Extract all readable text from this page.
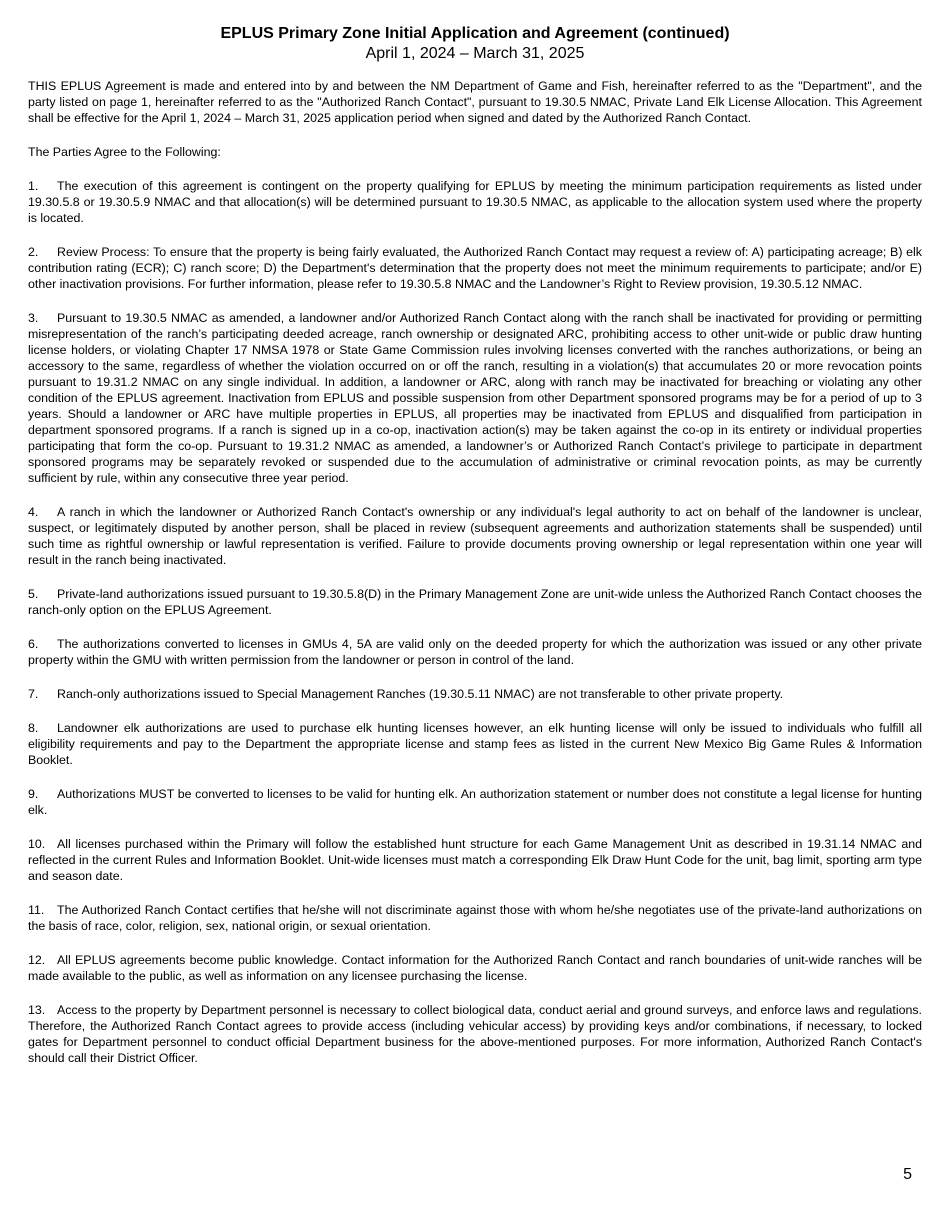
EPLUS Primary Zone Initial Application and Agreement (continued)
April 1, 2024 – March 31, 2025

THIS EPLUS Agreement is made and entered into by and between the NM Department of Game and Fish, hereinafter referred to as the "Department", and the party listed on page 1, hereinafter referred to as the "Authorized Ranch Contact", pursuant to 19.30.5 NMAC, Private Land Elk License Allocation. This Agreement shall be effective for the April 1, 2024 – March 31, 2025 application period when signed and dated by the Authorized Ranch Contact.

The Parties Agree to the Following:

1. The execution of this agreement is contingent on the property qualifying for EPLUS by meeting the minimum participation requirements as listed under 19.30.5.8 or 19.30.5.9 NMAC and that allocation(s) will be determined pursuant to 19.30.5 NMAC, as applicable to the allocation system used where the property is located.

2. Review Process: To ensure that the property is being fairly evaluated, the Authorized Ranch Contact may request a review of: A) participating acreage; B) elk contribution rating (ECR); C) ranch score; D) the Department's determination that the property does not meet the minimum requirements to participate; and/or E) other inactivation provisions. For further information, please refer to 19.30.5.8 NMAC and the Landowner’s Right to Review provision, 19.30.5.12 NMAC.

3. Pursuant to 19.30.5 NMAC as amended, a landowner and/or Authorized Ranch Contact along with the ranch shall be inactivated for providing or permitting misrepresentation of the ranch’s participating deeded acreage, ranch ownership or designated ARC, prohibiting access to other unit-wide or public draw hunting license holders, or violating Chapter 17 NMSA 1978 or State Game Commission rules involving licenses converted with the ranches authorizations, or being an accessory to the same, regardless of whether the violation occurred on or off the ranch, resulting in a violation(s) that accumulates 20 or more revocation points pursuant to 19.31.2 NMAC on any single individual. In addition, a landowner or ARC, along with ranch may be inactivated for breaching or violating any other condition of the EPLUS agreement. Inactivation from EPLUS and possible suspension from other Department sponsored programs may be for a period of up to 3 years. Should a landowner or ARC have multiple properties in EPLUS, all properties may be inactivated from EPLUS and disqualified from participation in department sponsored programs. If a ranch is signed up in a co-op, inactivation action(s) may be taken against the co-op in its entirety or individual properties participating that form the co-op. Pursuant to 19.31.2 NMAC as amended, a landowner’s or Authorized Ranch Contact’s privilege to participate in department sponsored programs may be separately revoked or suspended due to the accumulation of administrative or criminal revocation points, as may be currently sufficient by rule, within any consecutive three year period.

4. A ranch in which the landowner or Authorized Ranch Contact's ownership or any individual's legal authority to act on behalf of the landowner is unclear, suspect, or legitimately disputed by another person, shall be placed in review (subsequent agreements and authorization statements shall be suspended) until such time as rightful ownership or lawful representation is verified. Failure to provide documents proving ownership or legal representation within one year will result in the ranch being inactivated.

5. Private-land authorizations issued pursuant to 19.30.5.8(D) in the Primary Management Zone are unit-wide unless the Authorized Ranch Contact chooses the ranch-only option on the EPLUS Agreement.

6. The authorizations converted to licenses in GMUs 4, 5A are valid only on the deeded property for which the authorization was issued or any other private property within the GMU with written permission from the landowner or person in control of the land.

7. Ranch-only authorizations issued to Special Management Ranches (19.30.5.11 NMAC) are not transferable to other private property.

8. Landowner elk authorizations are used to purchase elk hunting licenses however, an elk hunting license will only be issued to individuals who fulfill all eligibility requirements and pay to the Department the appropriate license and stamp fees as listed in the current New Mexico Big Game Rules & Information Booklet.

9. Authorizations MUST be converted to licenses to be valid for hunting elk. An authorization statement or number does not constitute a legal license for hunting elk.

10. All licenses purchased within the Primary will follow the established hunt structure for each Game Management Unit as described in 19.31.14 NMAC and reflected in the current Rules and Information Booklet. Unit-wide licenses must match a corresponding Elk Draw Hunt Code for the unit, bag limit, sporting arm type and season date.

11. The Authorized Ranch Contact certifies that he/she will not discriminate against those with whom he/she negotiates use of the private-land authorizations on the basis of race, color, religion, sex, national origin, or sexual orientation.

12. All EPLUS agreements become public knowledge. Contact information for the Authorized Ranch Contact and ranch boundaries of unit-wide ranches will be made available to the public, as well as information on any licensee purchasing the license.

13. Access to the property by Department personnel is necessary to collect biological data, conduct aerial and ground surveys, and enforce laws and regulations. Therefore, the Authorized Ranch Contact agrees to provide access (including vehicular access) by providing keys and/or combinations, if necessary, to locked gates for Department personnel to conduct official Department business for the above-mentioned purposes. For more information, Authorized Ranch Contact's should call their District Officer.

5
